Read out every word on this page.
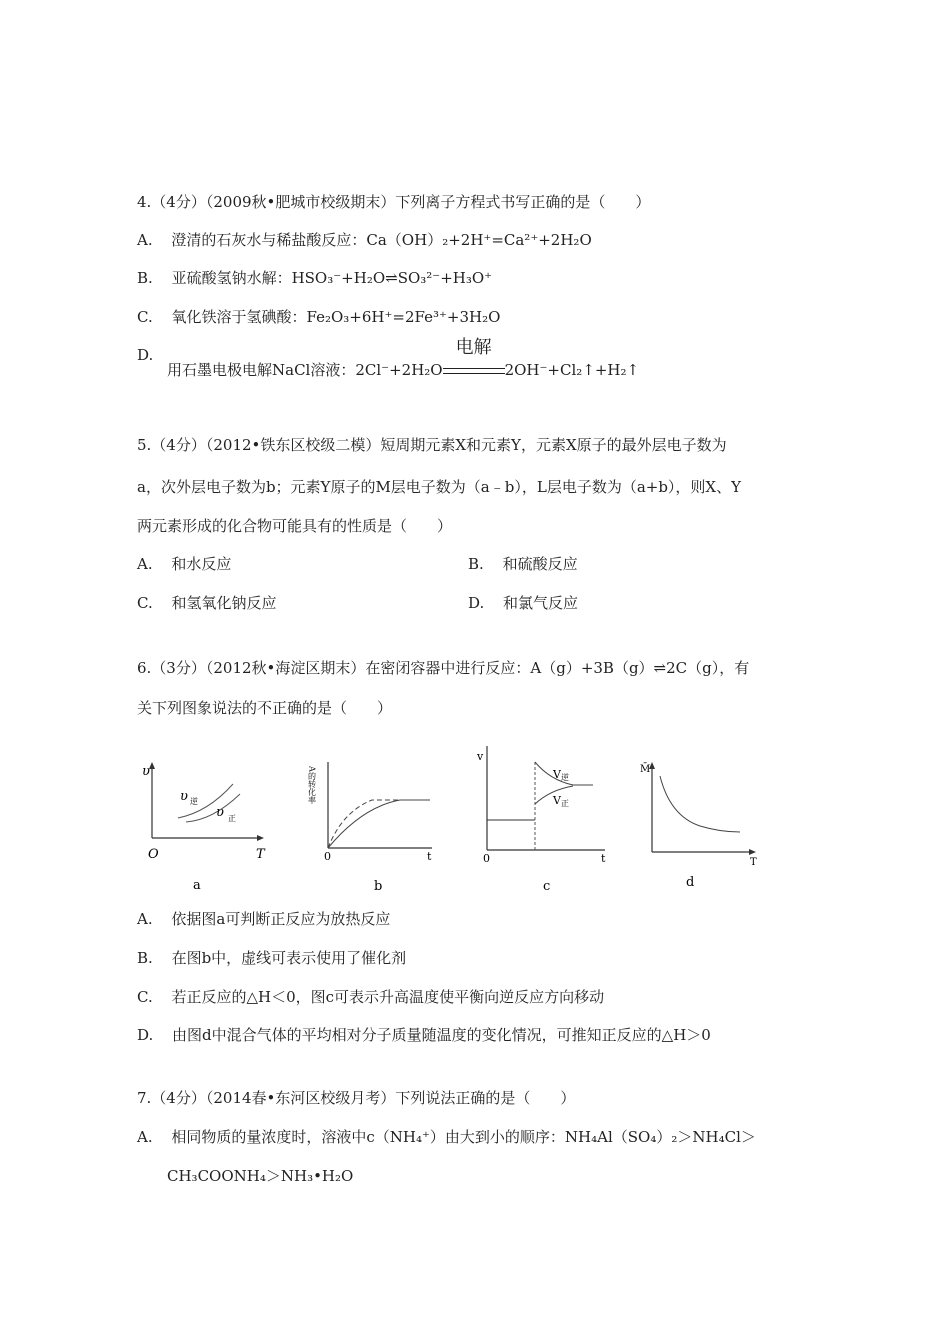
4.（4分）（2009秋•肥城市校级期末）下列离子方程式书写正确的是（　　）
A. 澄清的石灰水与稀盐酸反应：Ca（OH）₂+2H⁺=Ca²⁺+2H₂O
B. 亚硫酸氢钠水解：HSO₃⁻+H₂O⇌SO₃²⁻+H₃O⁺
C. 氧化铁溶于氢碘酸：Fe₂O₃+6H⁺=2Fe³⁺+3H₂O
D.
用石墨电极电解NaCl溶液：2Cl⁻+2H₂O
电解
2OH⁻+Cl₂↑+H₂↑
5.（4分）（2012•铁东区校级二模）短周期元素X和元素Y，元素X原子的最外层电子数为
a，次外层电子数为b；元素Y原子的M层电子数为（a﹣b），L层电子数为（a+b），则X、Y
两元素形成的化合物可能具有的性质是（　　）
A. 和水反应	B. 和硫酸反应
C. 和氢氧化钠反应	D. 和氯气反应
6.（3分）（2012秋•海淀区期末）在密闭容器中进行反应：A（g）+3B（g）⇌2C（g），有
关下列图象说法的不正确的是（　　）
υ
T
O
υ 逆
υ 正
a
A的转化率
t
0
b
v
t
0
V 逆
V 正
c
M̄
T
d
A. 依据图a可判断正反应为放热反应
B. 在图b中，虚线可表示使用了催化剂
C. 若正反应的△H＜0，图c可表示升高温度使平衡向逆反应方向移动
D. 由图d中混合气体的平均相对分子质量随温度的变化情况，可推知正反应的△H＞0
7.（4分）（2014春•东河区校级月考）下列说法正确的是（　　）
A. 相同物质的量浓度时，溶液中c（NH₄⁺）由大到小的顺序：NH₄Al（SO₄）₂＞NH₄Cl＞
CH₃COONH₄＞NH₃•H₂O
